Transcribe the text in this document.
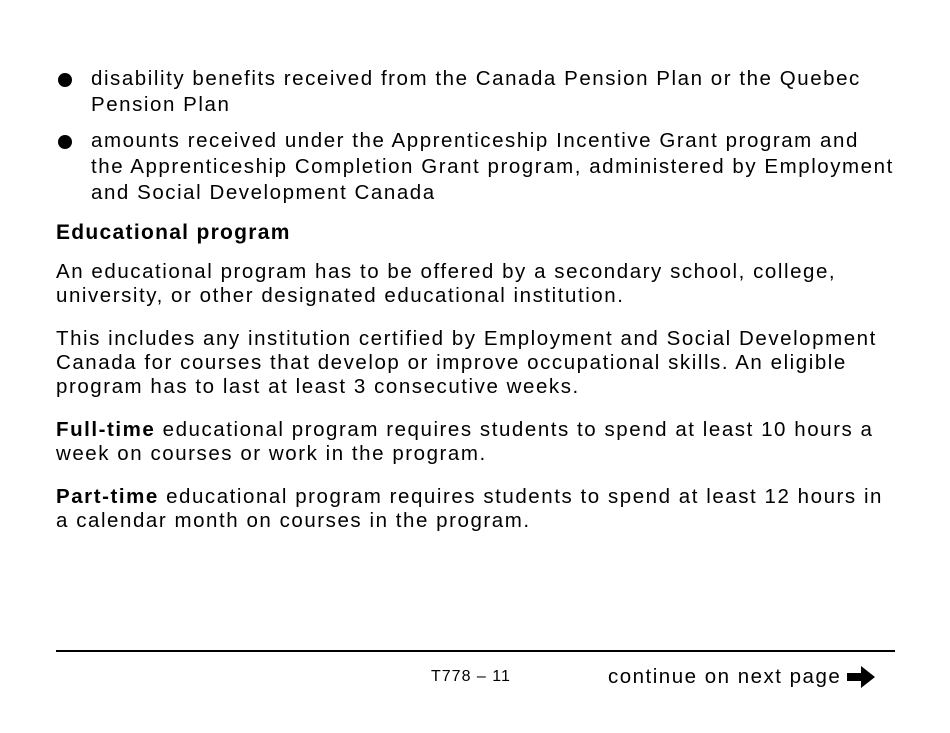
disability benefits received from the Canada Pension Plan or the Quebec Pension Plan
amounts received under the Apprenticeship Incentive Grant program and the Apprenticeship Completion Grant program, administered by Employment and Social Development Canada
Educational program

An educational program has to be offered by a secondary school, college, university, or other designated educational institution.

This includes any institution certified by Employment and Social Development Canada for courses that develop or improve occupational skills. An eligible program has to last at least 3 consecutive weeks.

Full-time educational program requires students to spend at least 10 hours a week on courses or work in the program.

Part-time educational program requires students to spend at least 12 hours in a calendar month on courses in the program.

T778 – 11	continue on next page
